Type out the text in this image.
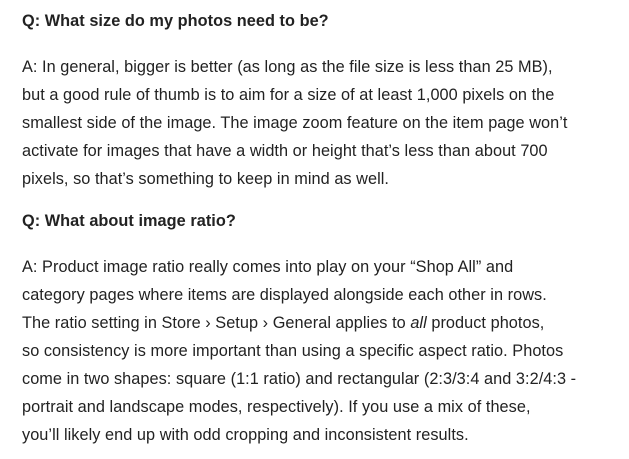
Q: What size do my photos need to be?
A: In general, bigger is better (as long as the file size is less than 25 MB),
but a good rule of thumb is to aim for a size of at least 1,000 pixels on the
smallest side of the image. The image zoom feature on the item page won’t
activate for images that have a width or height that’s less than about 700
pixels, so that’s something to keep in mind as well.
Q: What about image ratio?
A: Product image ratio really comes into play on your “Shop All” and
category pages where items are displayed alongside each other in rows.
The ratio setting in Store › Setup › General applies to all product photos,
so consistency is more important than using a specific aspect ratio. Photos
come in two shapes: square (1:1 ratio) and rectangular (2:3/3:4 and 3:2/4:3 -
portrait and landscape modes, respectively). If you use a mix of these,
you’ll likely end up with odd cropping and inconsistent results.
